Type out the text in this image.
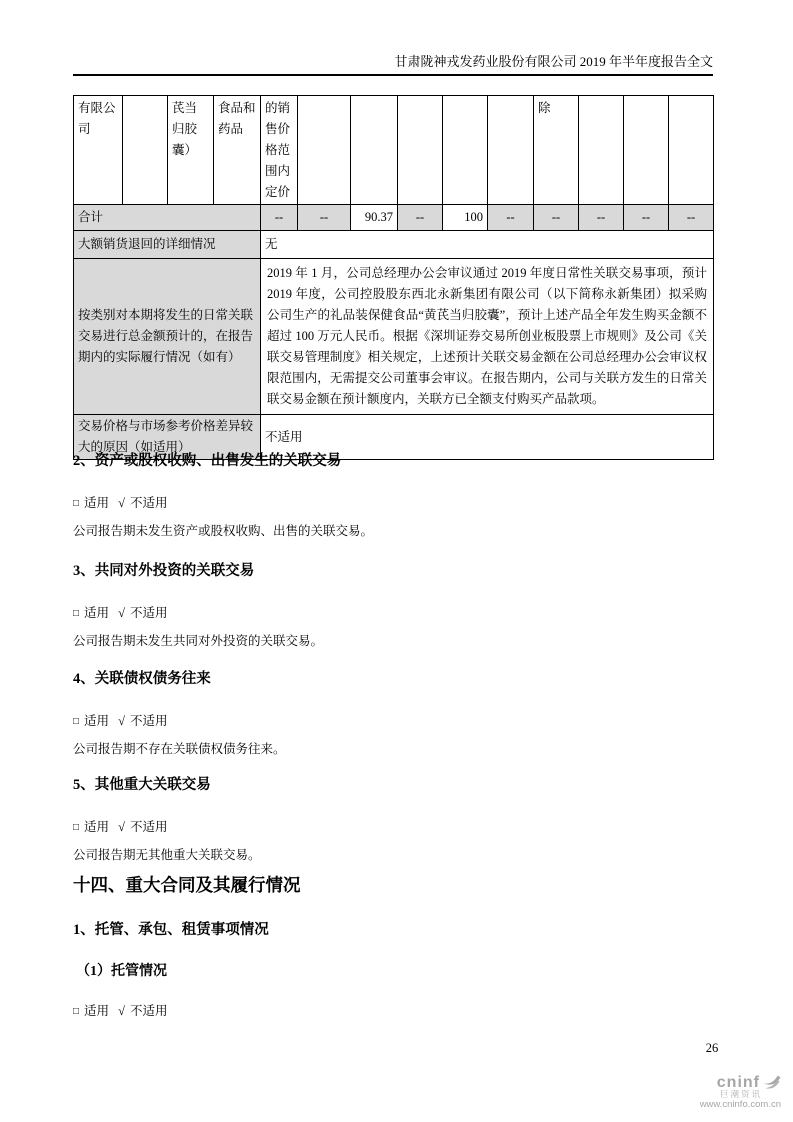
甘肃陇神戎发药业股份有限公司 2019 年半年度报告全文
有限公司		芪当归胶囊）	食品和药品	的销售价格范围内定价						除			
合计				--	--	90.37	--	100	--	--	--	--	--
大额销货退回的详细情况				无									
按类别对本期将发生的日常关联交易进行总金额预计的，在报告期内的实际履行情况（如有）				2019 年 1 月，公司总经理办公会审议通过 2019 年度日常性关联交易事项，预计 2019 年度，公司控股股东西北永新集团有限公司（以下简称永新集团）拟采购公司生产的礼品装保健食品“黄芪当归胶囊”，预计上述产品全年发生购买金额不超过 100 万元人民币。根据《深圳证券交易所创业板股票上市规则》及公司《关联交易管理制度》相关规定，上述预计关联交易金额在公司总经理办公会审议权限范围内，无需提交公司董事会审议。在报告期内，公司与关联方发生的日常关联交易金额在预计额度内，关联方已全额支付购买产品款项。									

交易价格与市场参考价格差异较大的原因（如适用）				不适用									
2、资产或股权收购、出售发生的关联交易
□ 适用 √ 不适用

公司报告期未发生资产或股权收购、出售的关联交易。

3、共同对外投资的关联交易
□ 适用 √ 不适用

公司报告期未发生共同对外投资的关联交易。

4、关联债权债务往来
□ 适用 √ 不适用

公司报告期不存在关联债权债务往来。

5、其他重大关联交易
□ 适用 √ 不适用

公司报告期无其他重大关联交易。

十四、重大合同及其履行情况
1、托管、承包、租赁事项情况
（1）托管情况
□ 适用 √ 不适用
26
cninf
巨潮资讯
www.cninfo.com.cn
